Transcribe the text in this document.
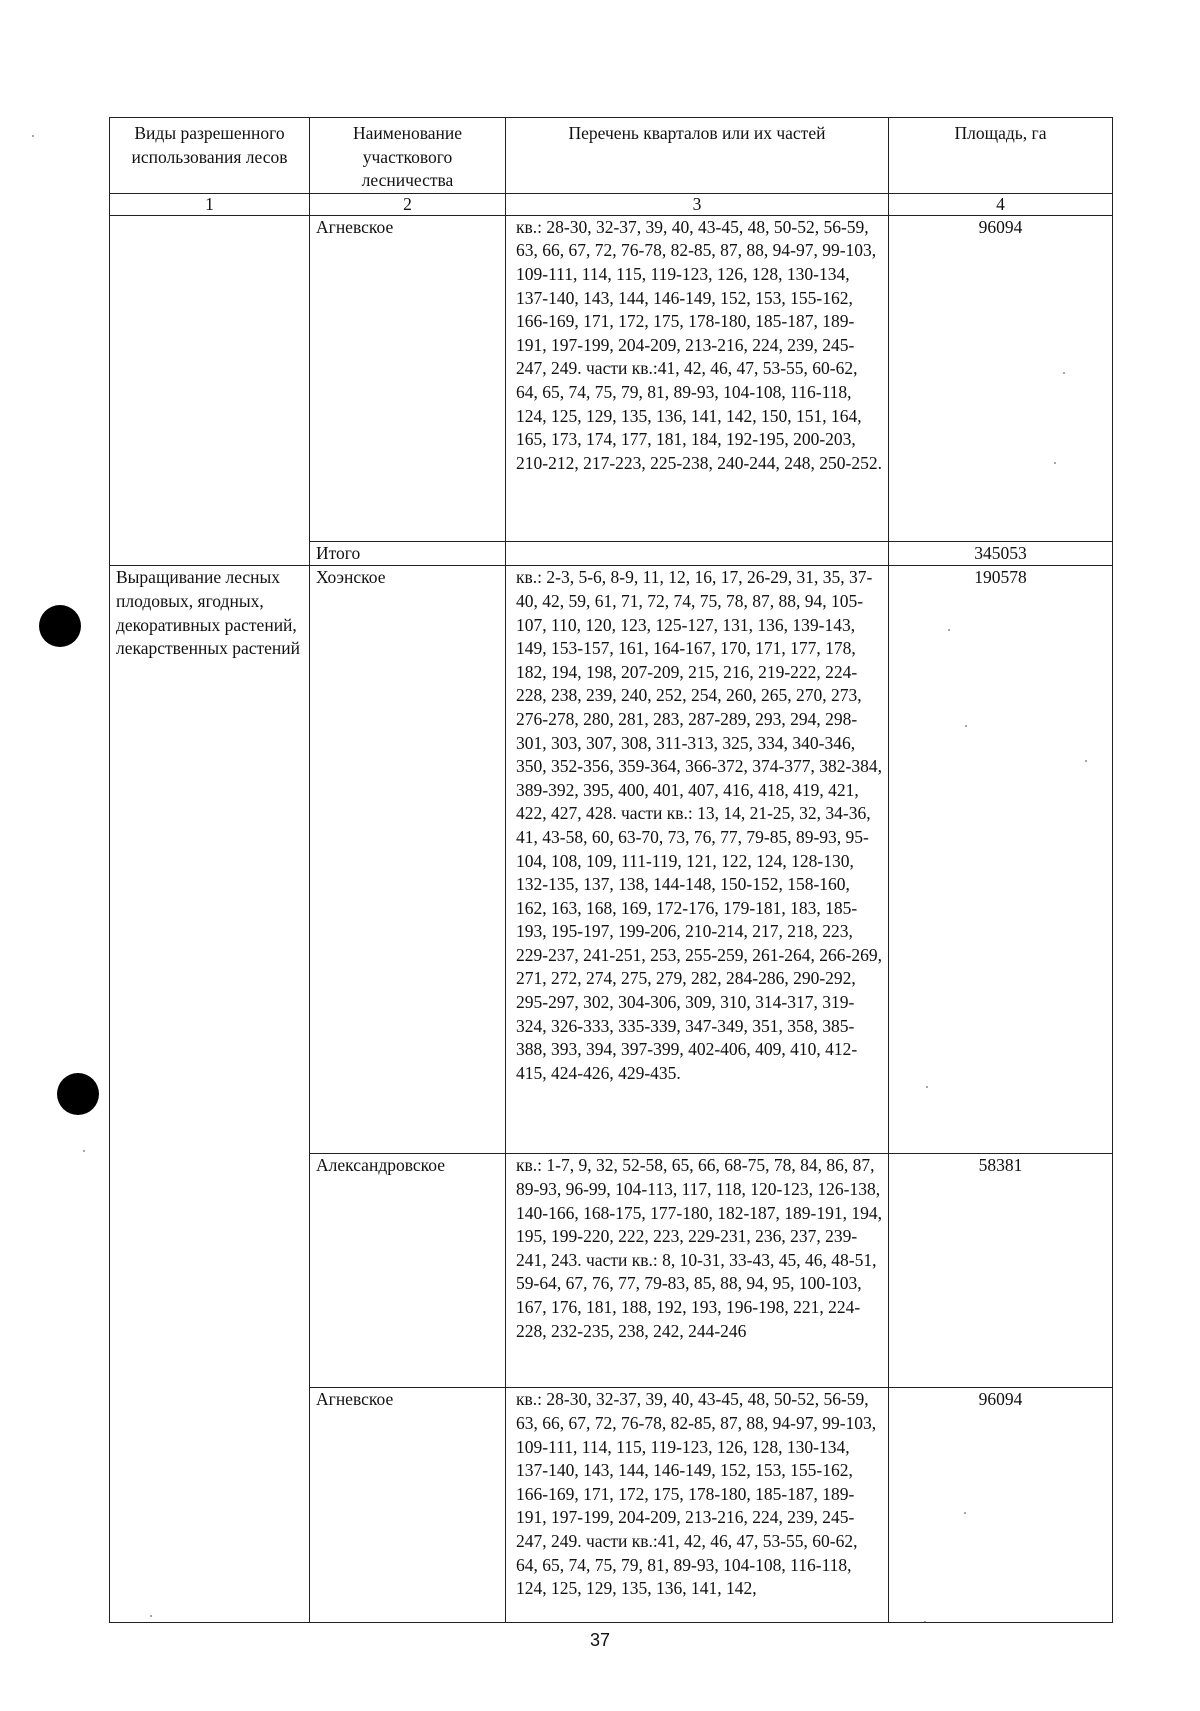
Виды разрешенного использования лесов	Наименование участкового лесничества	Перечень кварталов или их частей	Площадь, га
1	2	3	4
	Агневское	кв.: 28-30, 32-37, 39, 40, 43-45, 48, 50-52, 56-59, 63, 66, 67, 72, 76-78, 82-85, 87, 88, 94-97, 99-103, 109-111, 114, 115, 119-123, 126, 128, 130-134, 137-140, 143, 144, 146-149, 152, 153, 155-162, 166-169, 171, 172, 175, 178-180, 185-187, 189-191, 197-199, 204-209, 213-216, 224, 239, 245-247, 249. части кв.:41, 42, 46, 47, 53-55, 60-62, 64, 65, 74, 75, 79, 81, 89-93, 104-108, 116-118, 124, 125, 129, 135, 136, 141, 142, 150, 151, 164, 165, 173, 174, 177, 181, 184, 192-195, 200-203, 210-212, 217-223, 225-238, 240-244, 248, 250-252.	96094
	Итого		345053
Выращивание лесных плодовых, ягодных, декоративных растений, лекарственных растений	Хоэнское	кв.: 2-3, 5-6, 8-9, 11, 12, 16, 17, 26-29, 31, 35, 37-40, 42, 59, 61, 71, 72, 74, 75, 78, 87, 88, 94, 105-107, 110, 120, 123, 125-127, 131, 136, 139-143, 149, 153-157, 161, 164-167, 170, 171, 177, 178, 182, 194, 198, 207-209, 215, 216, 219-222, 224-228, 238, 239, 240, 252, 254, 260, 265, 270, 273, 276-278, 280, 281, 283, 287-289, 293, 294, 298-301, 303, 307, 308, 311-313, 325, 334, 340-346, 350, 352-356, 359-364, 366-372, 374-377, 382-384, 389-392, 395, 400, 401, 407, 416, 418, 419, 421, 422, 427, 428. части кв.: 13, 14, 21-25, 32, 34-36, 41, 43-58, 60, 63-70, 73, 76, 77, 79-85, 89-93, 95-104, 108, 109, 111-119, 121, 122, 124, 128-130, 132-135, 137, 138, 144-148, 150-152, 158-160, 162, 163, 168, 169, 172-176, 179-181, 183, 185-193, 195-197, 199-206, 210-214, 217, 218, 223, 229-237, 241-251, 253, 255-259, 261-264, 266-269, 271, 272, 274, 275, 279, 282, 284-286, 290-292, 295-297, 302, 304-306, 309, 310, 314-317, 319-324, 326-333, 335-339, 347-349, 351, 358, 385-388, 393, 394, 397-399, 402-406, 409, 410, 412-415, 424-426, 429-435.	190578
	Александровское	кв.: 1-7, 9, 32, 52-58, 65, 66, 68-75, 78, 84, 86, 87, 89-93, 96-99, 104-113, 117, 118, 120-123, 126-138, 140-166, 168-175, 177-180, 182-187, 189-191, 194, 195, 199-220, 222, 223, 229-231, 236, 237, 239-241, 243. части кв.: 8, 10-31, 33-43, 45, 46, 48-51, 59-64, 67, 76, 77, 79-83, 85, 88, 94, 95, 100-103, 167, 176, 181, 188, 192, 193, 196-198, 221, 224-228, 232-235, 238, 242, 244-246	58381
	Агневское	кв.: 28-30, 32-37, 39, 40, 43-45, 48, 50-52, 56-59, 63, 66, 67, 72, 76-78, 82-85, 87, 88, 94-97, 99-103, 109-111, 114, 115, 119-123, 126, 128, 130-134, 137-140, 143, 144, 146-149, 152, 153, 155-162, 166-169, 171, 172, 175, 178-180, 185-187, 189-191, 197-199, 204-209, 213-216, 224, 239, 245-247, 249. части кв.:41, 42, 46, 47, 53-55, 60-62, 64, 65, 74, 75, 79, 81, 89-93, 104-108, 116-118, 124, 125, 129, 135, 136, 141, 142,	96094
37
